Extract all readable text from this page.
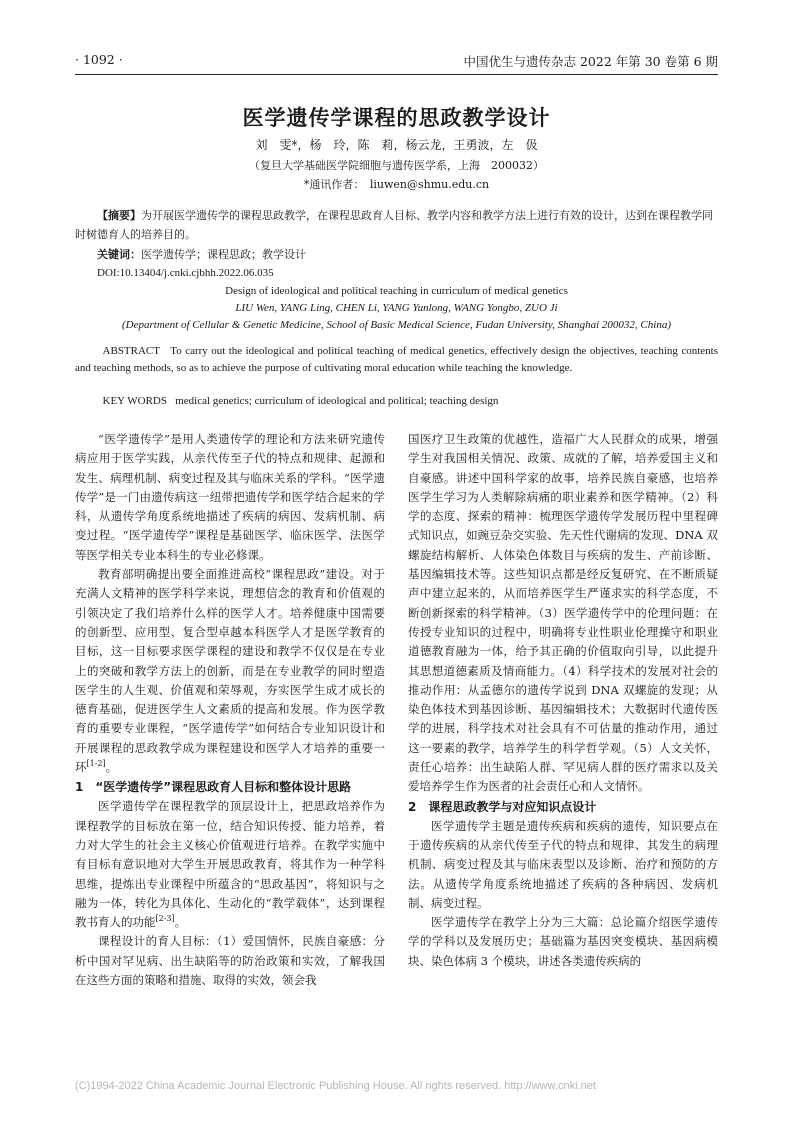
· 1092 ·	中国优生与遗传杂志 2022 年第 30 卷第 6 期
医学遗传学课程的思政教学设计
刘　雯*，杨　玲，陈　莉，杨云龙，王勇波，左　伋
（复旦大学基础医学院细胞与遗传医学系，上海　200032）
*通讯作者：　liuwen@shmu.edu.cn
【摘要】为开展医学遗传学的课程思政教学，在课程思政育人目标、教学内容和教学方法上进行有效的设计，达到在课程教学同时树德育人的培养目的。
关键词：医学遗传学；课程思政；教学设计
DOI:10.13404/j.cnki.cjbhh.2022.06.035
Design of ideological and political teaching in curriculum of medical genetics
LIU Wen, YANG Ling, CHEN Li, YANG Yunlong, WANG Yongbo, ZUO Ji
(Department of Cellular & Genetic Medicine, School of Basic Medical Science, Fudan University, Shanghai 200032, China)
ABSTRACT To carry out the ideological and political teaching of medical genetics, effectively design the objectives, teaching contents and teaching methods, so as to achieve the purpose of cultivating moral education while teaching the knowledge.
KEY WORDS medical genetics; curriculum of ideological and political; teaching design

“医学遗传学”是用人类遗传学的理论和方法来研究遗传病应用于医学实践，从亲代传至子代的特点和规律、起源和发生、病理机制、病变过程及其与临床关系的学科。“医学遗传学”是一门由遗传病这一纽带把遗传学和医学结合起来的学科，从遗传学角度系统地描述了疾病的病因、发病机制、病变过程。“医学遗传学”课程是基础医学、临床医学、法医学等医学相关专业本科生的专业必修课。

教育部明确提出要全面推进高校“课程思政”建设。对于充满人文精神的医学科学来说，理想信念的教育和价值观的引领决定了我们培养什么样的医学人才。培养健康中国需要的创新型、应用型、复合型卓越本科医学人才是医学教育的目标，这一目标要求医学课程的建设和教学不仅仅是在专业上的突破和教学方法上的创新，而是在专业教学的同时塑造医学生的人生观、价值观和荣辱观，夯实医学生成才成长的德育基础，促进医学生人文素质的提高和发展。作为医学教育的重要专业课程，“医学遗传学”如何结合专业知识设计和开展课程的思政教学成为课程建设和医学人才培养的重要一环[1-2]。

1　“医学遗传学”课程思政育人目标和整体设计思路

医学遗传学在课程教学的顶层设计上，把思政培养作为课程教学的目标放在第一位，结合知识传授、能力培养，着力对大学生的社会主义核心价值观进行培养。在教学实施中有目标有意识地对大学生开展思政教育，将其作为一种学科思维，提炼出专业课程中所蕴含的“思政基因”，将知识与之融为一体，转化为具体化、生动化的“教学载体”，达到课程教书育人的功能[2-3]。

课程设计的育人目标：（1）爱国情怀，民族自豪感：分析中国对罕见病、出生缺陷等的防治政策和实效，了解我国在这些方面的策略和措施、取得的实效，领会我

国医疗卫生政策的优越性，造福广大人民群众的成果，增强学生对我国相关情况、政策、成就的了解，培养爱国主义和自豪感。讲述中国科学家的故事，培养民族自豪感，也培养医学生学习为人类解除病痛的职业素养和医学精神。（2）科学的态度、探索的精神：梳理医学遗传学发展历程中里程碑式知识点，如豌豆杂交实验、先天性代谢病的发现、DNA 双螺旋结构解析、人体染色体数目与疾病的发生、产前诊断、基因编辑技术等。这些知识点都是经反复研究、在不断质疑声中建立起来的，从而培养医学生严谨求实的科学态度，不断创新探索的科学精神。（3）医学遗传学中的伦理问题：在传授专业知识的过程中，明确将专业性职业伦理操守和职业道德教育融为一体，给予其正确的价值取向引导，以此提升其思想道德素质及情商能力。（4）科学技术的发展对社会的推动作用：从孟德尔的遗传学说到 DNA 双螺旋的发现；从染色体技术到基因诊断、基因编辑技术；大数据时代遗传医学的进展，科学技术对社会具有不可估量的推动作用，通过这一要素的教学，培养学生的科学哲学观。（5）人文关怀，责任心培养：出生缺陷人群、罕见病人群的医疗需求以及关爱培养学生作为医者的社会责任心和人文情怀。

2　课程思政教学与对应知识点设计

医学遗传学主题是遗传疾病和疾病的遗传，知识要点在于遗传疾病的从亲代传至子代的特点和规律、其发生的病理机制、病变过程及其与临床表型以及诊断、治疗和预防的方法。从遗传学角度系统地描述了疾病的各种病因、发病机制、病变过程。

医学遗传学在教学上分为三大篇：总论篇介绍医学遗传学的学科以及发展历史；基础篇为基因突变模块、基因病模块、染色体病 3 个模块，讲述各类遗传疾病的

(C)1994-2022 China Academic Journal Electronic Publishing House. All rights reserved. http://www.cnki.net
